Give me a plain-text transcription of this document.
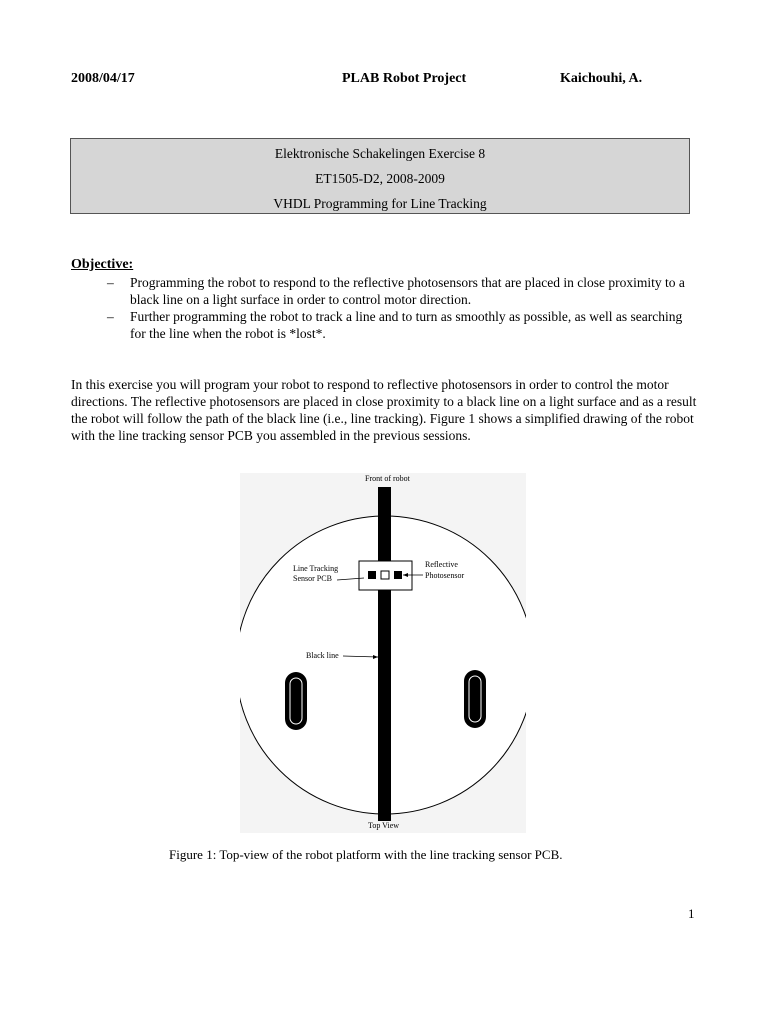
2008/04/17	PLAB Robot Project	Kaichouhi, A.
Elektronische Schakelingen Exercise 8
ET1505-D2, 2008-2009
VHDL Programming for Line Tracking
Objective:
– Programming the robot to respond to the reflective photosensors that are placed in close proximity to a black line on a light surface in order to control motor direction.
– Further programming the robot to track a line and to turn as smoothly as possible, as well as searching for the line when the robot is *lost*.
In this exercise you will program your robot to respond to reflective photosensors in order to control the motor directions. The reflective photosensors are placed in close proximity to a black line on a light surface and as a result the robot will follow the path of the black line (i.e., line tracking). Figure 1 shows a simplified drawing of the robot with the line tracking sensor PCB you assembled in the previous sessions.
Front of robot
Line Tracking
Sensor PCB
Reflective
Photosensor
Black line
Top View
Figure 1: Top-view of the robot platform with the line tracking sensor PCB.
1
